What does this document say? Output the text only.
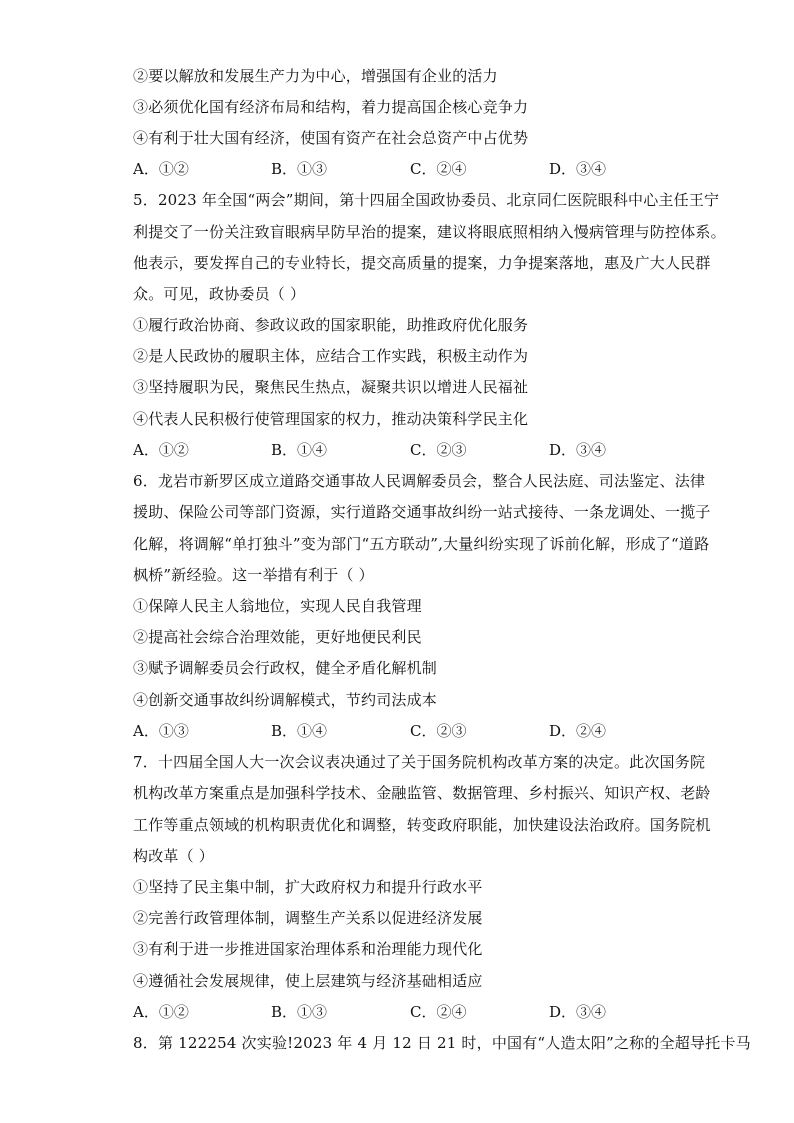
②要以解放和发展生产力为中心，增强国有企业的活力
③必须优化国有经济布局和结构，着力提高国企核心竞争力
④有利于壮大国有经济，使国有资产在社会总资产中占优势
A．①②	B．①③	C．②④	D．③④
5．2023 年全国“两会”期间，第十四届全国政协委员、北京同仁医院眼科中心主任王宁
利提交了一份关注致盲眼病早防早治的提案，建议将眼底照相纳入慢病管理与防控体系。
他表示，要发挥自己的专业特长，提交高质量的提案，力争提案落地，惠及广大人民群
众。可见，政协委员（ ）
①履行政治协商、参政议政的国家职能，助推政府优化服务
②是人民政协的履职主体，应结合工作实践，积极主动作为
③坚持履职为民，聚焦民生热点，凝聚共识以增进人民福祉
④代表人民积极行使管理国家的权力，推动决策科学民主化
A．①②	B．①④	C．②③	D．③④
6．龙岩市新罗区成立道路交通事故人民调解委员会，整合人民法庭、司法鉴定、法律
援助、保险公司等部门资源，实行道路交通事故纠纷一站式接待、一条龙调处、一揽子
化解，将调解“单打独斗”变为部门“五方联动”,大量纠纷实现了诉前化解，形成了“道路
枫桥”新经验。这一举措有利于（ ）
①保障人民主人翁地位，实现人民自我管理
②提高社会综合治理效能，更好地便民利民
③赋予调解委员会行政权，健全矛盾化解机制
④创新交通事故纠纷调解模式，节约司法成本
A．①③	B．①④	C．②③	D．②④
7．十四届全国人大一次会议表决通过了关于国务院机构改革方案的决定。此次国务院
机构改革方案重点是加强科学技术、金融监管、数据管理、乡村振兴、知识产权、老龄
工作等重点领域的机构职责优化和调整，转变政府职能，加快建设法治政府。国务院机
构改革（ ）
①坚持了民主集中制，扩大政府权力和提升行政水平
②完善行政管理体制，调整生产关系以促进经济发展
③有利于进一步推进国家治理体系和治理能力现代化
④遵循社会发展规律，使上层建筑与经济基础相适应
A．①②	B．①③	C．②④	D．③④
8．第 122254 次实验!2023 年 4 月 12 日 21 时，中国有“人造太阳”之称的全超导托卡马
